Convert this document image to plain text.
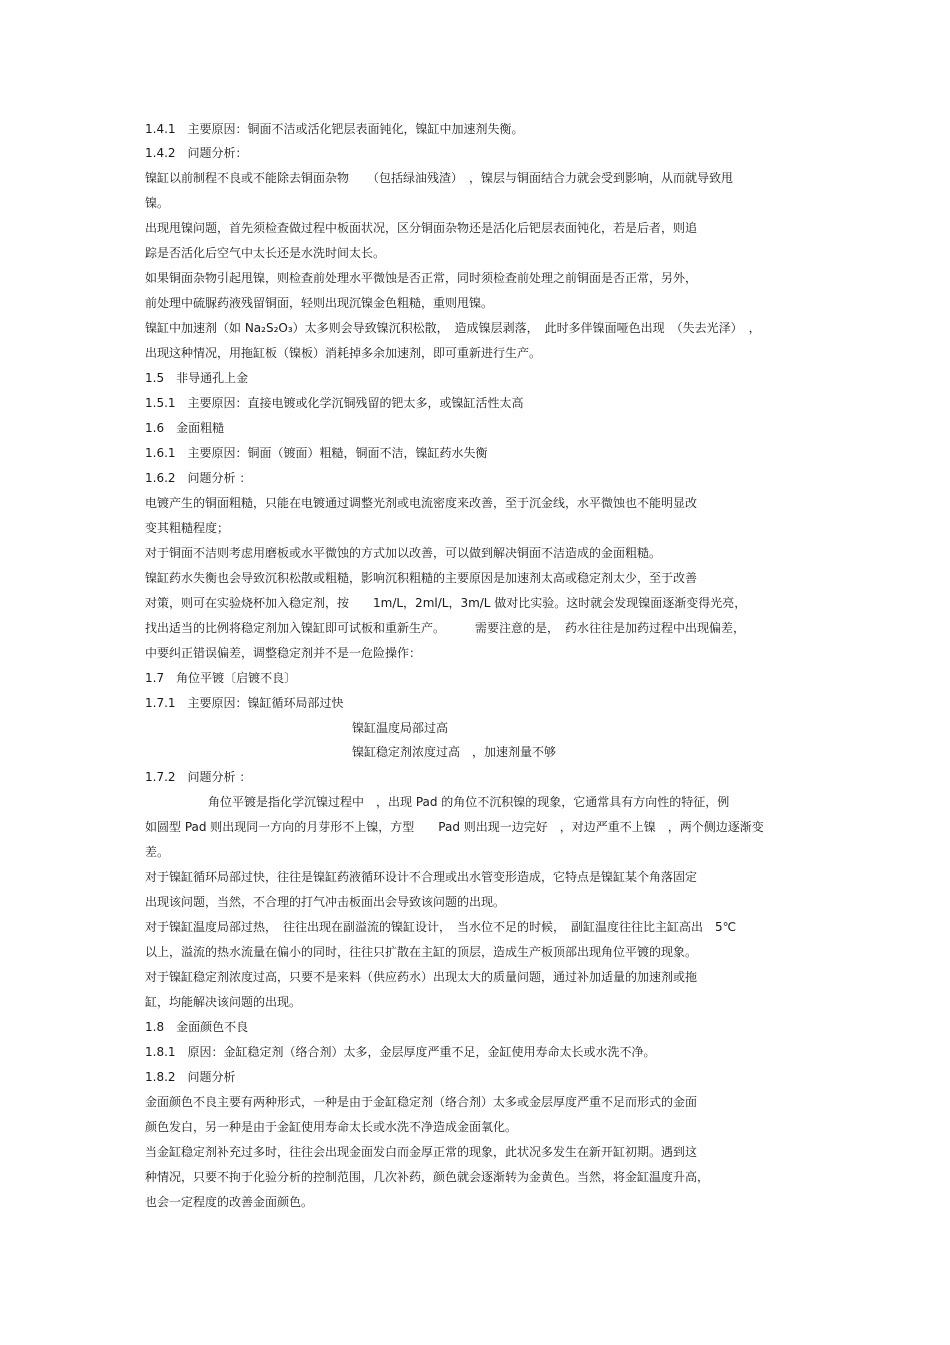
1.4.1　主要原因：铜面不洁或活化钯层表面钝化，镍缸中加速剂失衡。
1.4.2　问题分析：
镍缸以前制程不良或不能除去铜面杂物　　（包括绿油残渣）　，镍层与铜面结合力就会受到影响，从而就导致甩
镍。
出现甩镍问题，首先须检查做过程中板面状况，区分铜面杂物还是活化后钯层表面钝化，若是后者，则追
踪是否活化后空气中太长还是水洗时间太长。
如果铜面杂物引起甩镍，则检查前处理水平微蚀是否正常，同时须检查前处理之前铜面是否正常，另外，
前处理中硫脲药液残留铜面，轻则出现沉镍金色粗糙，重则甩镍。
镍缸中加速剂（如 Na₂S₂O₃）太多则会导致镍沉积松散，　造成镍层剥落，　此时多伴镍面哑色出现　（失去光泽）　，
出现这种情况，用拖缸板（镍板）消耗掉多余加速剂，即可重新进行生产。
1.5　非导通孔上金
1.5.1　主要原因：直接电镀或化学沉铜残留的钯太多，或镍缸活性太高
1.6　金面粗糙
1.6.1　主要原因：铜面（镀面）粗糙，铜面不洁，镍缸药水失衡
1.6.2　问题分析 ：
电镀产生的铜面粗糙，只能在电镀通过调整光剂或电流密度来改善，至于沉金线，水平微蚀也不能明显改
变其粗糙程度；
对于铜面不洁则考虑用磨板或水平微蚀的方式加以改善，可以做到解决铜面不洁造成的金面粗糙。
镍缸药水失衡也会导致沉积松散或粗糙，影响沉积粗糙的主要原因是加速剂太高或稳定剂太少，至于改善
对策，则可在实验烧杯加入稳定剂，按　　1m/L，2ml/L，3m/L 做对比实验。这时就会发现镍面逐渐变得光亮，
找出适当的比例将稳定剂加入镍缸即可试板和重新生产。　　　需要注意的是，　药水往往是加药过程中出现偏差，
中要纠正错误偏差，调整稳定剂并不是一危险操作：
1.7　角位平镀〔启镀不良〕
1.7.1　主要原因：镍缸循环局部过快
镍缸温度局部过高
镍缸稳定剂浓度过高　，加速剂量不够
1.7.2　问题分析 ：
角位平镀是指化学沉镍过程中　，出现 Pad 的角位不沉积镍的现象，它通常具有方向性的特征，例
如圆型 Pad 则出现同一方向的月芽形不上镍，方型　　Pad 则出现一边完好　，对边严重不上镍　，两个侧边逐渐变
差。
对于镍缸循环局部过快，往往是镍缸药液循环设计不合理或出水管变形造成，它特点是镍缸某个角落固定
出现该问题，当然，不合理的打气冲击板面出会导致该问题的出现。
对于镍缸温度局部过热，　往往出现在副溢流的镍缸设计，　当水位不足的时候，　副缸温度往往比主缸高出　5℃
以上，溢流的热水流量在偏小的同时，往往只扩散在主缸的顶层，造成生产板顶部出现角位平镀的现象。
对于镍缸稳定剂浓度过高，只要不是来料（供应药水）出现太大的质量问题，通过补加适量的加速剂或拖
缸，均能解决该问题的出现。
1.8　金面颜色不良
1.8.1　原因：金缸稳定剂（络合剂）太多，金层厚度严重不足，金缸使用寿命太长或水洗不净。
1.8.2　问题分析
金面颜色不良主要有两种形式，一种是由于金缸稳定剂（络合剂）太多或金层厚度严重不足而形式的金面
颜色发白，另一种是由于金缸使用寿命太长或水洗不净造成金面氧化。
当金缸稳定剂补充过多时，往往会出现金面发白而金厚正常的现象，此状况多发生在新开缸初期。遇到这
种情况，只要不拘于化验分析的控制范围，几次补药，颜色就会逐渐转为金黄色。当然，将金缸温度升高，
也会一定程度的改善金面颜色。
